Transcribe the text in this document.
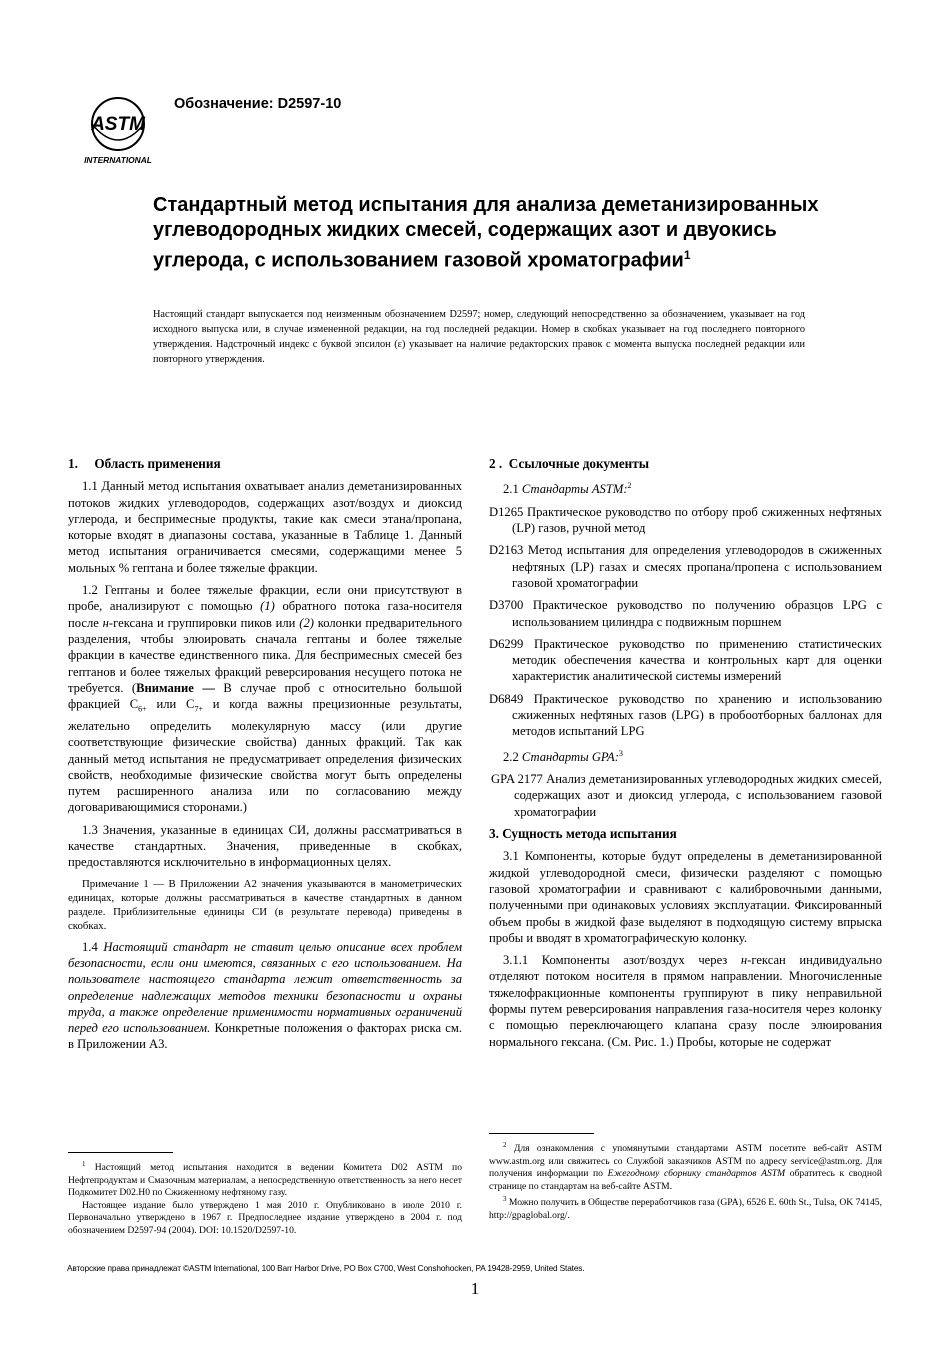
ASTM
INTERNATIONAL
Обозначение: D2597-10
Стандартный метод испытания для анализа деметанизированных углеводородных жидких смесей, содержащих азот и двуокись углерода, с использованием газовой хроматографии$^1$

Настоящий стандарт выпускается под неизменным обозначением D2597; номер, следующий непосредственно за обозначением, указывает на год исходного выпуска или, в случае измененной редакции, на год последней редакции. Номер в скобках указывает на год последнего повторного утверждения. Надстрочный индекс с буквой эпсилон (ε) указывает на наличие редакторских правок с момента выпуска последней редакции или повторного утверждения.

1.     Область применения

1.1 Данный метод испытания охватывает анализ деметанизированных потоков жидких углеводородов, содержащих азот/воздух и диоксид углерода, и беспримесные продукты, такие как смеси этана/пропана, которые входят в диапазоны состава, указанные в Таблице 1. Данный метод испытания ограничивается смесями, содержащими менее 5 мольных % гептана и более тяжелые фракции.

1.2 Гептаны и более тяжелые фракции, если они присутствуют в пробе, анализируют с помощью (1) обратного потока газа-носителя после н-гексана и группировки пиков или (2) колонки предварительного разделения, чтобы элюировать сначала гептаны и более тяжелые фракции в качестве единственного пика. Для беспримесных смесей без гептанов и более тяжелых фракций реверсирования несущего потока не требуется. (Внимание — В случае проб с относительно большой фракцией $C_{6+}$ или $C_{7+}$ и когда важны прецизионные результаты, желательно определить молекулярную массу (или другие соответствующие физические свойства) данных фракций. Так как данный метод испытания не предусматривает определения физических свойств, необходимые физические свойства могут быть определены путем расширенного анализа или по согласованию между договаривающимися сторонами.)

1.3 Значения, указанные в единицах СИ, должны рассматриваться в качестве стандартных. Значения, приведенные в скобках, предоставляются исключительно в информационных целях.

Примечание 1 — В Приложении А2 значения указываются в манометрических единицах, которые должны рассматриваться в качестве стандартных в данном разделе. Приблизительные единицы СИ (в результате перевода) приведены в скобках.

1.4 Настоящий стандарт не ставит целью описание всех проблем безопасности, если они имеются, связанных с его использованием. На пользователе настоящего стандарта лежит ответственность за определение надлежащих методов техники безопасности и охраны труда, а также определение применимости нормативных ограничений перед его использованием. Конкретные положения о факторах риска см. в Приложении А3.

2 .  Ссылочные документы

2.1 Стандарты ASTM:$^2$

D1265 Практическое руководство по отбору проб сжиженных нефтяных (LP) газов, ручной метод

D2163 Метод испытания для определения углеводородов в сжиженных нефтяных (LP) газах и смесях пропана/пропена с использованием газовой хроматографии

D3700 Практическое руководство по получению образцов LPG с использованием цилиндра с подвижным поршнем

D6299 Практическое руководство по применению статистических методик обеспечения качества и контрольных карт для оценки характеристик аналитической системы измерений

D6849 Практическое руководство по хранению и использованию сжиженных нефтяных газов (LPG) в пробоотборных баллонах для методов испытаний LPG

2.2 Стандарты GPA:$^3$

GPA 2177 Анализ деметанизированных углеводородных жидких смесей, содержащих азот и диоксид углерода, с использованием газовой хроматографии

3. Сущность метода испытания

3.1 Компоненты, которые будут определены в деметанизированной жидкой углеводородной смеси, физически разделяют с помощью газовой хроматографии и сравнивают с калибровочными данными, полученными при одинаковых условиях эксплуатации. Фиксированный объем пробы в жидкой фазе выделяют в подходящую систему впрыска пробы и вводят в хроматографическую колонку.

3.1.1 Компоненты азот/воздух через н-гексан индивидуально отделяют потоком носителя в прямом направлении. Многочисленные тяжелофракционные компоненты группируют в пику неправильной формы путем реверсирования направления газа-носителя через колонку с помощью переключающего клапана сразу после элюирования нормального гексана. (См. Рис. 1.) Пробы, которые не содержат

$^1$ Настоящий метод испытания находится в ведении Комитета D02 ASTM по Нефтепродуктам и Смазочным материалам, а непосредственную ответственность за него несет Подкомитет D02.H0 по Сжиженному нефтяному газу.

Настоящее издание было утверждено 1 мая 2010 г. Опубликовано в июле 2010 г. Первоначально утверждено в 1967 г. Предпоследнее издание утверждено в 2004 г. под обозначением D2597-94 (2004). DOI: 10.1520/D2597-10.

$^2$ Для ознакомления с упомянутыми стандартами ASTM посетите веб-сайт ASTM www.astm.org или свяжитесь со Службой заказчиков ASTM по адресу service@astm.org. Для получения информации по Ежегодному сборнику стандартов ASTM обратитесь к сводной странице по стандартам на веб-сайте ASTM.

$^3$ Можно получить в Обществе переработчиков газа (GPA), 6526 E. 60th St., Tulsa, OK 74145, http://gpaglobal.org/.

Авторские права принадлежат ©ASTM International, 100 Barr Harbor Drive, PO Box C700, West Conshohocken, PA 19428-2959, United States.
1
